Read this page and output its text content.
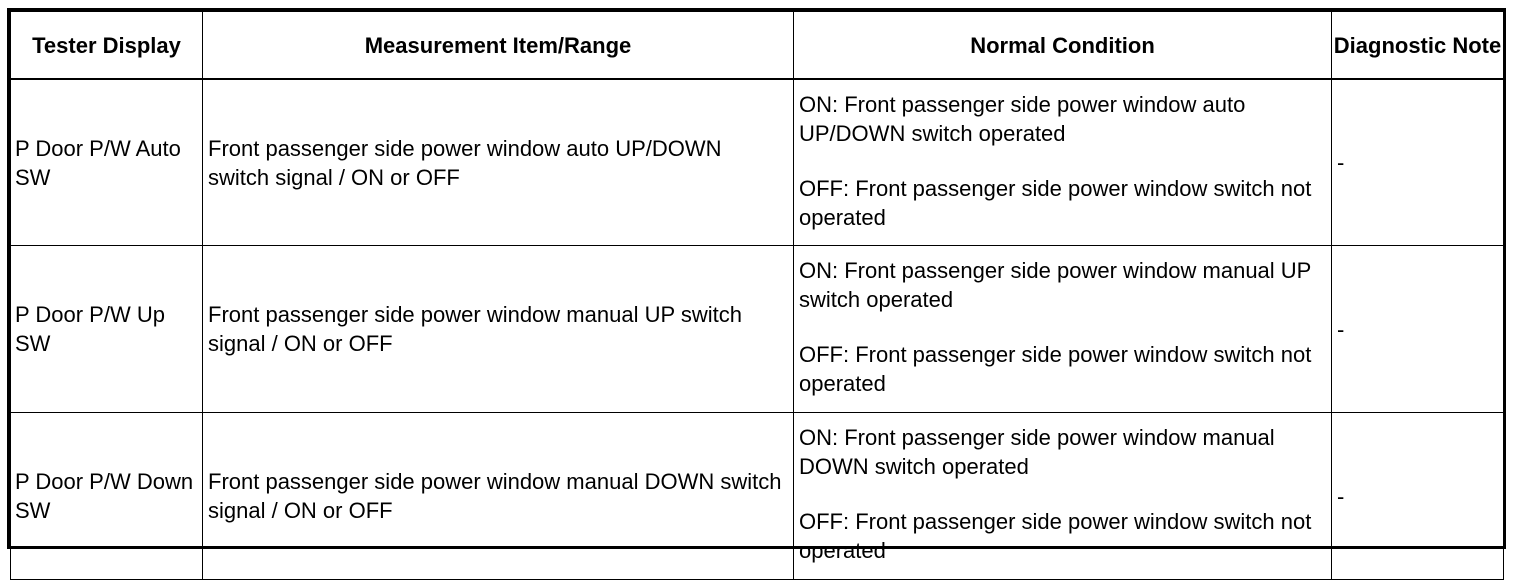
Tester Display	Measurement Item/Range	Normal Condition	Diagnostic Note

P Door P/W Auto SW	Front passenger side power window auto UP/DOWN switch signal / ON or OFF	ON: Front passenger side power window auto UP/DOWN switch operated
OFF: Front passenger side power window switch not operated	-

P Door P/W Up SW	Front passenger side power window manual UP switch signal / ON or OFF	ON: Front passenger side power window manual UP switch operated
OFF: Front passenger side power window switch not operated	-

P Door P/W Down SW	Front passenger side power window manual DOWN switch signal / ON or OFF	ON: Front passenger side power window manual DOWN switch operated
OFF: Front passenger side power window switch not operated	-
